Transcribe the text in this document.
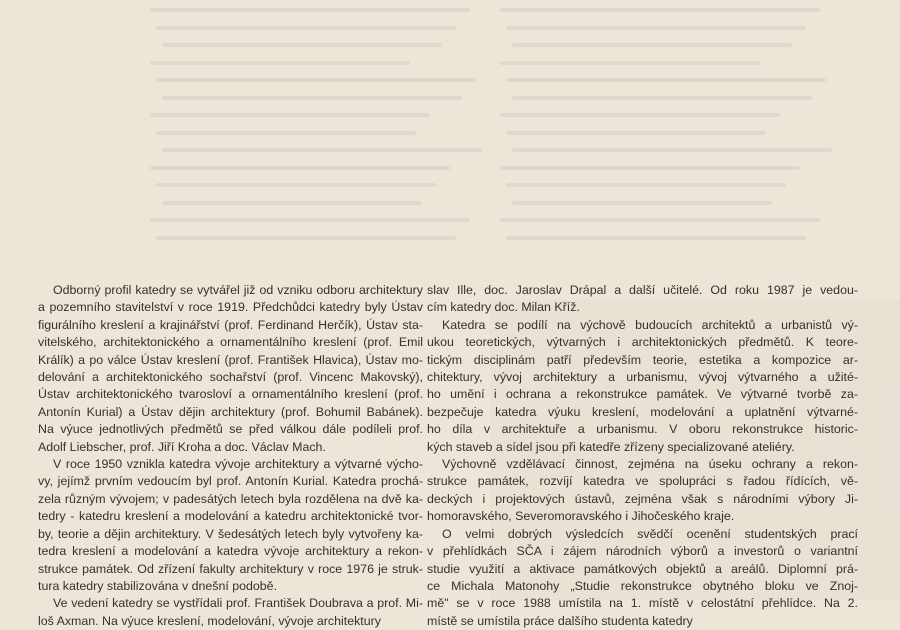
Odborný profil katedry se vytvářel již od vzniku odboru architektury
a pozemního stavitelství v roce 1919. Předchůdci katedry byly Ústav
figurálního kreslení a krajinářství (prof. Ferdinand Herčík), Ústav sta-
vitelského, architektonického a ornamentálního kreslení (prof. Emil
Králík) a po válce Ústav kreslení (prof. František Hlavica), Ústav mo-
delování a architektonického sochařství (prof. Vincenc Makovský),
Ústav architektonického tvarosloví a ornamentálního kreslení (prof.
Antonín Kurial) a Ústav dějin architektury (prof. Bohumil Babánek).
Na výuce jednotlivých předmětů se před válkou dále podíleli prof.
Adolf Liebscher, prof. Jiří Kroha a doc. Václav Mach.
V roce 1950 vznikla katedra vývoje architektury a výtvarné výcho-
vy, jejímž prvním vedoucím byl prof. Antonín Kurial. Katedra prochá-
zela různým vývojem; v padesátých letech byla rozdělena na dvě ka-
tedry - katedru kreslení a modelování a katedru architektonické tvor-
by, teorie a dějin architektury. V šedesátých letech byly vytvořeny ka-
tedra kreslení a modelování a katedra vývoje architektury a rekon-
strukce památek. Od zřízení fakulty architektury v roce 1976 je struk-
tura katedry stabilizována v dnešní podobě.
Ve vedení katedry se vystřídali prof. František Doubrava a prof. Mi-
loš Axman. Na výuce kreslení, modelování, vývoje architektury
slav Ille, doc. Jaroslav Drápal a další učitelé. Od roku 1987 je vedou-
cím katedry doc. Milan Kříž.
Katedra se podílí na výchově budoucích architektů a urbanistů vý-
ukou teoretických, výtvarných i architektonických předmětů. K teore-
tickým disciplinám patří především teorie, estetika a kompozice ar-
chitektury, vývoj architektury a urbanismu, vývoj výtvarného a užité-
ho umění i ochrana a rekonstrukce památek. Ve výtvarné tvorbě za-
bezpečuje katedra výuku kreslení, modelování a uplatnění výtvarné-
ho díla v architektuře a urbanismu. V oboru rekonstrukce historic-
kých staveb a sídel jsou při katedře zřízeny specializované ateliéry.
Výchovně vzdělávací činnost, zejména na úseku ochrany a rekon-
strukce památek, rozvíjí katedra ve spolupráci s řadou řídících, vě-
deckých i projektových ústavů, zejména však s národními výbory Ji-
homoravského, Severomoravského i Jihočeského kraje.
O velmi dobrých výsledcích svědčí ocenění studentských prací
v přehlídkách SČA i zájem národních výborů a investorů o variantní
studie využití a aktivace památkových objektů a areálů. Diplomní prá-
ce Michala Matonohy „Studie rekonstrukce obytného bloku ve Znoj-
mě" se v roce 1988 umístila na 1. místě v celostátní přehlídce. Na 2.
místě se umístila práce dalšího studenta katedry
